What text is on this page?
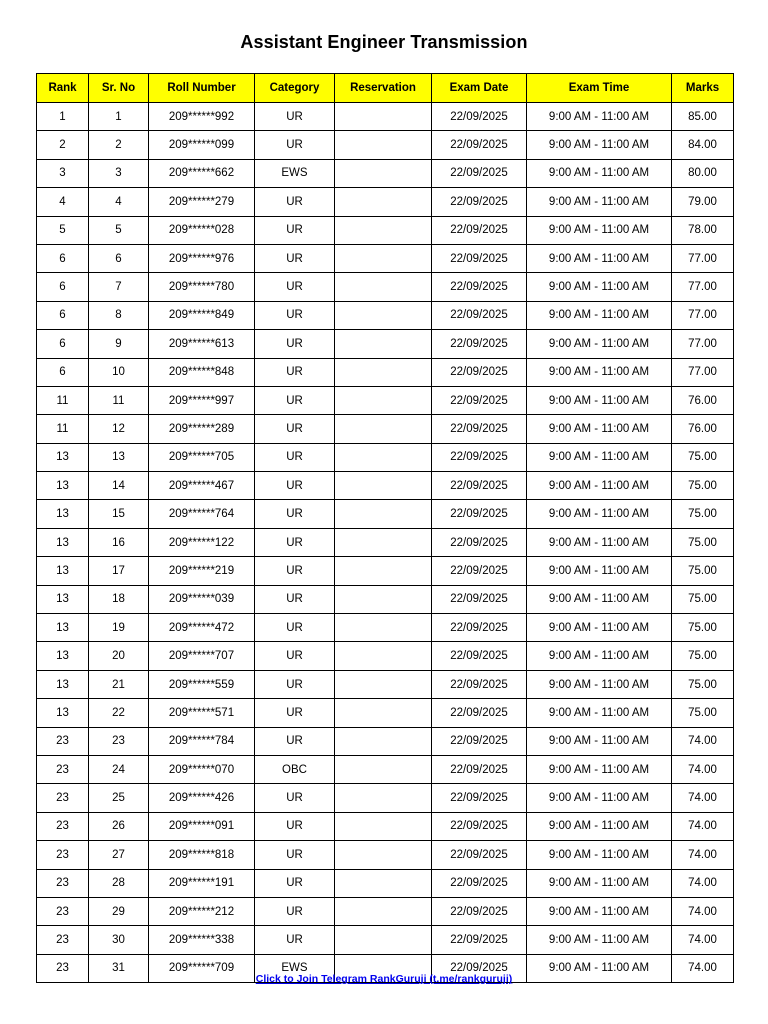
Assistant Engineer Transmission
Rank	Sr. No	Roll Number	Category	Reservation	Exam Date	Exam Time	Marks
1	1	209******992	UR		22/09/2025	9:00 AM - 11:00 AM	85.00
2	2	209******099	UR		22/09/2025	9:00 AM - 11:00 AM	84.00
3	3	209******662	EWS		22/09/2025	9:00 AM - 11:00 AM	80.00
4	4	209******279	UR		22/09/2025	9:00 AM - 11:00 AM	79.00
5	5	209******028	UR		22/09/2025	9:00 AM - 11:00 AM	78.00
6	6	209******976	UR		22/09/2025	9:00 AM - 11:00 AM	77.00
6	7	209******780	UR		22/09/2025	9:00 AM - 11:00 AM	77.00
6	8	209******849	UR		22/09/2025	9:00 AM - 11:00 AM	77.00
6	9	209******613	UR		22/09/2025	9:00 AM - 11:00 AM	77.00
6	10	209******848	UR		22/09/2025	9:00 AM - 11:00 AM	77.00
11	11	209******997	UR		22/09/2025	9:00 AM - 11:00 AM	76.00
11	12	209******289	UR		22/09/2025	9:00 AM - 11:00 AM	76.00
13	13	209******705	UR		22/09/2025	9:00 AM - 11:00 AM	75.00
13	14	209******467	UR		22/09/2025	9:00 AM - 11:00 AM	75.00
13	15	209******764	UR		22/09/2025	9:00 AM - 11:00 AM	75.00
13	16	209******122	UR		22/09/2025	9:00 AM - 11:00 AM	75.00
13	17	209******219	UR		22/09/2025	9:00 AM - 11:00 AM	75.00
13	18	209******039	UR		22/09/2025	9:00 AM - 11:00 AM	75.00
13	19	209******472	UR		22/09/2025	9:00 AM - 11:00 AM	75.00
13	20	209******707	UR		22/09/2025	9:00 AM - 11:00 AM	75.00
13	21	209******559	UR		22/09/2025	9:00 AM - 11:00 AM	75.00
13	22	209******571	UR		22/09/2025	9:00 AM - 11:00 AM	75.00
23	23	209******784	UR		22/09/2025	9:00 AM - 11:00 AM	74.00
23	24	209******070	OBC		22/09/2025	9:00 AM - 11:00 AM	74.00
23	25	209******426	UR		22/09/2025	9:00 AM - 11:00 AM	74.00
23	26	209******091	UR		22/09/2025	9:00 AM - 11:00 AM	74.00
23	27	209******818	UR		22/09/2025	9:00 AM - 11:00 AM	74.00
23	28	209******191	UR		22/09/2025	9:00 AM - 11:00 AM	74.00
23	29	209******212	UR		22/09/2025	9:00 AM - 11:00 AM	74.00
23	30	209******338	UR		22/09/2025	9:00 AM - 11:00 AM	74.00
23	31	209******709	EWS		22/09/2025	9:00 AM - 11:00 AM	74.00
Click to Join Telegram RankGuruji (t.me/rankguruji)
